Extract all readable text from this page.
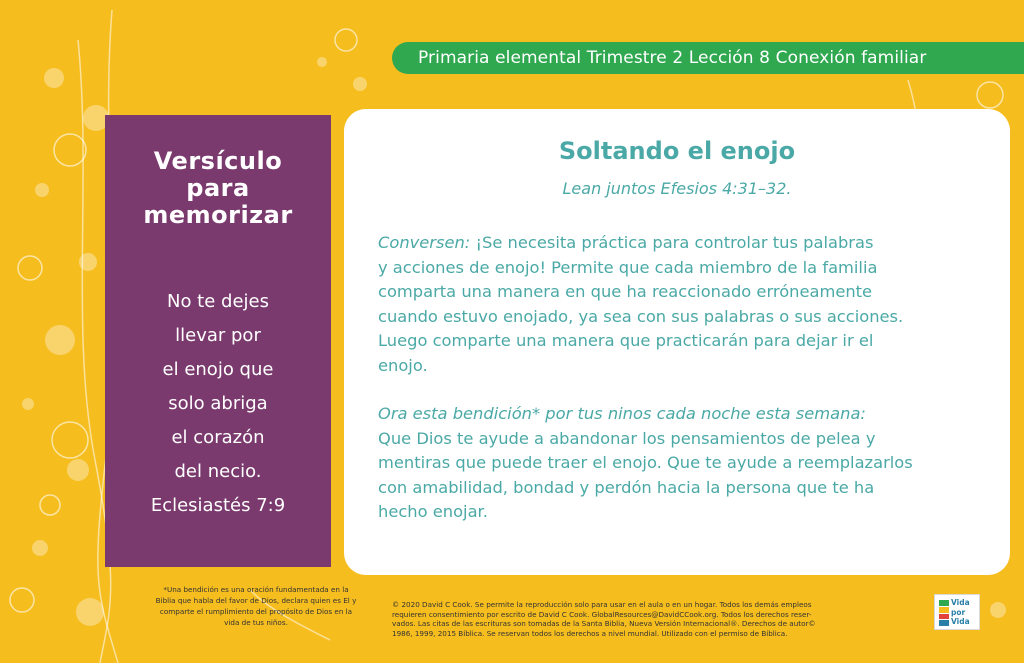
Primaria elemental Trimestre 2 Lección 8 Conexión familiar
Versículo
para
memorizar
No te dejes
llevar por
el enojo que
solo abriga
el corazón
del necio.
Eclesiastés 7:9
Soltando el enojo
Lean juntos Efesios 4:31–32.
Conversen: ¡Se necesita práctica para controlar tus palabras
y acciones de enojo! Permite que cada miembro de la familia
comparta una manera en que ha reaccionado erróneamente
cuando estuvo enojado, ya sea con sus palabras o sus acciones.
Luego comparte una manera que practicarán para dejar ir el
enojo.
Ora esta bendición* por tus ninos cada noche esta semana:
Que Dios te ayude a abandonar los pensamientos de pelea y
mentiras que puede traer el enojo. Que te ayude a reemplazarlos
con amabilidad, bondad y perdón hacia la persona que te ha
hecho enojar.
*Una bendición es una oración fundamentada en la
Biblia que habla del favor de Dios, declara quien es El y
comparte el rumplimiento del propósito de Dios en la
vida de tus niños.
© 2020 David C Cook. Se permite la reproducción solo para usar en el aula o en un hogar. Todos los demás empleos
requieren consentimiento por escrito de David C Cook. GlobalResources@DavidCCook.org. Todos los derechos reser-
vados. Las citas de las escrituras son tomadas de la Santa Biblia, Nueva Versión Internacional®. Derechos de autor©
1986, 1999, 2015 Bíblica. Se reservan todos los derechos a nivel mundial. Utilizado con el permiso de Bíblica.
Vida
por
Vida
